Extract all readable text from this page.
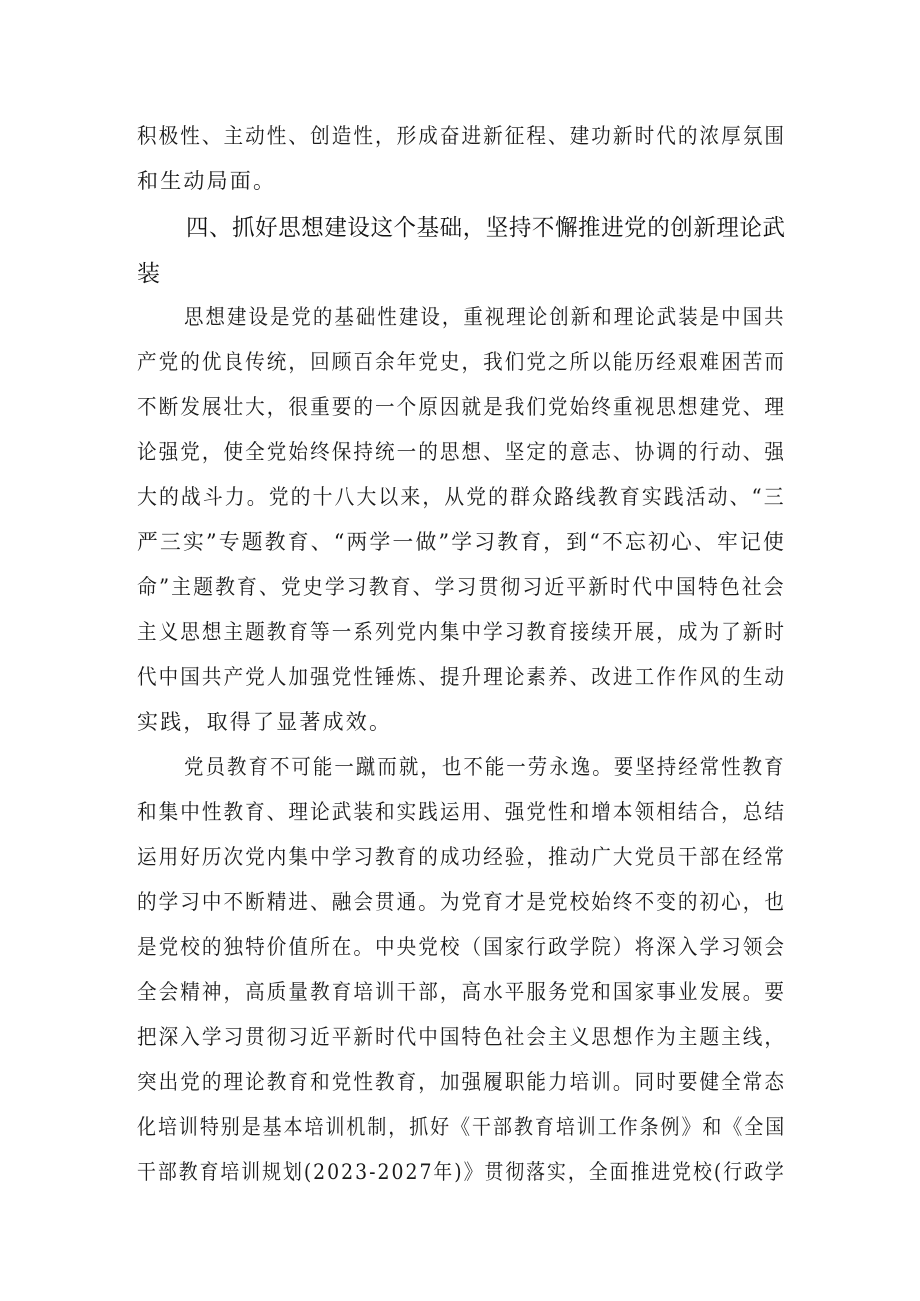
积极性、主动性、创造性，形成奋进新征程、建功新时代的浓厚氛围
和生动局面。
四、抓好思想建设这个基础，坚持不懈推进党的创新理论武
装
思想建设是党的基础性建设，重视理论创新和理论武装是中国共
产党的优良传统，回顾百余年党史，我们党之所以能历经艰难困苦而
不断发展壮大，很重要的一个原因就是我们党始终重视思想建党、理
论强党，使全党始终保持统一的思想、坚定的意志、协调的行动、强
大的战斗力。党的十八大以来，从党的群众路线教育实践活动、“三
严三实”专题教育、“两学一做”学习教育，到“不忘初心、牢记使
命”主题教育、党史学习教育、学习贯彻习近平新时代中国特色社会
主义思想主题教育等一系列党内集中学习教育接续开展，成为了新时
代中国共产党人加强党性锤炼、提升理论素养、改进工作作风的生动
实践，取得了显著成效。
党员教育不可能一蹴而就，也不能一劳永逸。要坚持经常性教育
和集中性教育、理论武装和实践运用、强党性和增本领相结合，总结
运用好历次党内集中学习教育的成功经验，推动广大党员干部在经常
的学习中不断精进、融会贯通。为党育才是党校始终不变的初心，也
是党校的独特价值所在。中央党校（国家行政学院）将深入学习领会
全会精神，高质量教育培训干部，高水平服务党和国家事业发展。要
把深入学习贯彻习近平新时代中国特色社会主义思想作为主题主线，
突出党的理论教育和党性教育，加强履职能力培训。同时要健全常态
化培训特别是基本培训机制，抓好《干部教育培训工作条例》和《全国
干部教育培训规划(2023-2027年)》贯彻落实，全面推进党校(行政学
